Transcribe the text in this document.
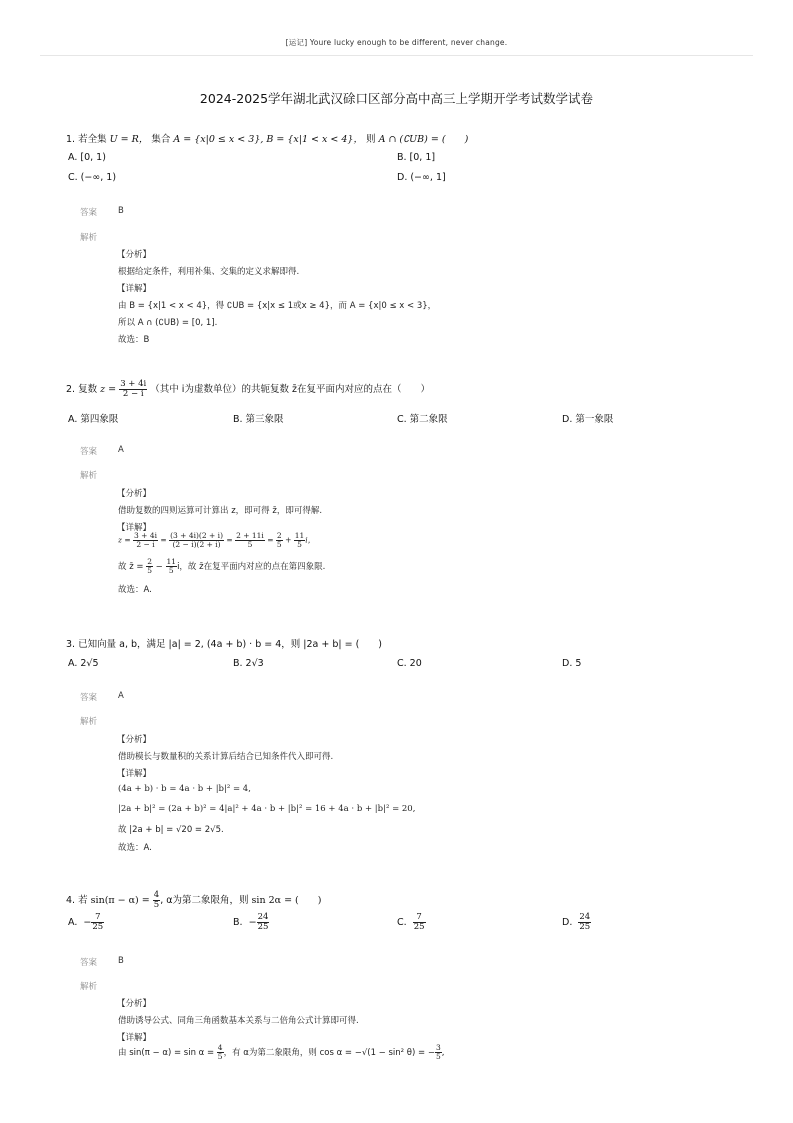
[运记] Youre lucky enough to be different, never change.
2024-2025学年湖北武汉硢口区部分高中高三上学期开学考试数学试卷
1. 若全集 U = R， 集合 A = {x|0 ≤ x < 3}, B = {x|1 < x < 4}， 则 A ∩ (∁UB) = (　　)
A. [0, 1)	B. [0, 1]
C. (−∞, 1)	D. (−∞, 1]
答案 B
解析
【分析】
根据给定条件，利用补集、交集的定义求解即得.
【详解】
由 B = {x|1 < x < 4}，得 ∁UB = {x|x ≤ 1或x ≥ 4}，而 A = {x|0 ≤ x < 3}，
所以 A ∩ (∁UB) = [0, 1].
故选：B
2. 复数 $z = \frac{3 + 4i}{2 - i}$ （其中 i为虚数单位）的共轭复数 z̄在复平面内对应的点在（　　）
A. 第四象限	B. 第三象限	C. 第二象限	D. 第一象限
答案 A
解析
【分析】
借助复数的四则运算可计算出 z，即可得 z̄，即可得解.
【详解】
$z = \frac{3 + 4i}{2 - i} = \frac{(3 + 4i)(2 + i)}{(2 - i)(2 + i)} = \frac{2 + 11i}{5} = \frac{2}{5} + \frac{11}{5}$ i，
故 z̄ = $\frac{2}{5} - \frac{11}{5}$ i，故 z̄在复平面内对应的点在第四象限.
故选：A.
3. 已知向量 a, b，满足 |a| = 2, (4a + b) · b = 4，则 |2a + b| = (　　)
A. 2√5	B. 2√3	C. 20	D. 5
答案 A
解析
【分析】
借助模长与数量积的关系计算后结合已知条件代入即可得.
【详解】
(4a + b) · b = 4a · b + |b|² = 4,
|2a + b|² = (2a + b)² = 4|a|² + 4a · b + |b|² = 16 + 4a · b + |b|² = 20,
故 |2a + b| = √20 = 2√5.
故选：A.
4. 若 $\sin(\pi - \alpha) = \frac{4}{5}$ , α为第二象限角，则 sin 2α = (　　)
A. − $\frac{7}{25}$	B. − $\frac{24}{25}$	C. $\frac{7}{25}$	D. $\frac{24}{25}$
答案 B
解析
【分析】
借助诱导公式、同角三角函数基本关系与二倍角公式计算即可得.
【详解】
由 $\sin(\pi - \alpha) = \sin \alpha = \frac{4}{5}$ ，有 α为第二象限角，则 cos α = −√(1 − sin² θ) = − $\frac{3}{5}$ ,
